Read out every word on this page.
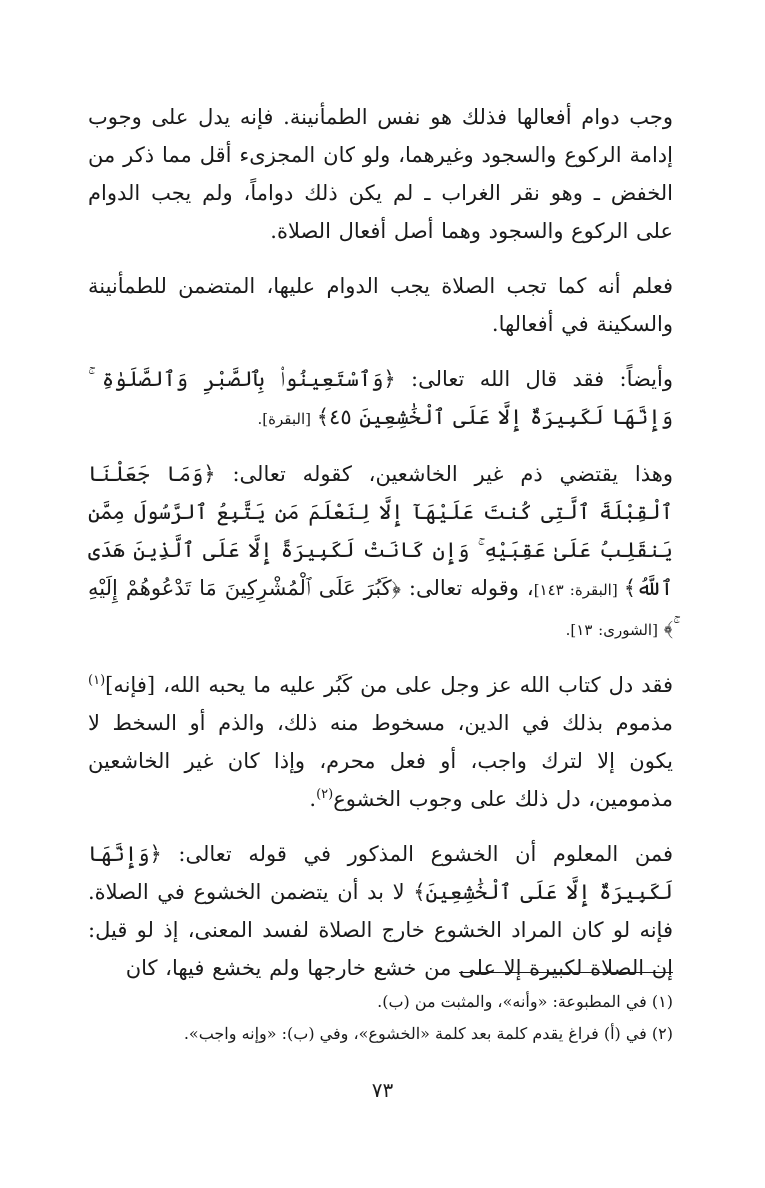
وجب دوام أفعالها فذلك هو نفس الطمأنينة. فإنه يدل على وجوب إدامة الركوع والسجود وغيرهما، ولو كان المجزىء أقل مما ذكر من الخفض ـ وهو نقر الغراب ـ لم يكن ذلك دواماً، ولم يجب الدوام على الركوع والسجود وهما أصل أفعال الصلاة.

فعلم أنه كما تجب الصلاة يجب الدوام عليها، المتضمن للطمأنينة والسكينة في أفعالها.

وأيضاً: فقد قال الله تعالى: ﴿وَٱسْتَعِينُوا۟ بِٱلصَّبْرِ وَٱلصَّلَوٰةِ ۚ وَإِنَّهَا لَكَبِيرَةٌ إِلَّا عَلَى ٱلْخَٰشِعِينَ ٤٥﴾ [البقرة].

وهذا يقتضي ذم غير الخاشعين، كقوله تعالى: ﴿وَمَا جَعَلْنَا ٱلْقِبْلَةَ ٱلَّتِى كُنتَ عَلَيْهَآ إِلَّا لِنَعْلَمَ مَن يَتَّبِعُ ٱلرَّسُولَ مِمَّن يَنقَلِبُ عَلَىٰ عَقِبَيْهِ ۚ وَإِن كَانَتْ لَكَبِيرَةً إِلَّا عَلَى ٱلَّذِينَ هَدَى ٱللَّهُ﴾ [البقرة: ١٤٣]، وقوله تعالى: ﴿كَبُرَ عَلَى ٱلْمُشْرِكِينَ مَا تَدْعُوهُمْ إِلَيْهِ ۚ﴾ [الشورى: ١٣].

فقد دل كتاب الله عز وجل على من كَبُر عليه ما يحبه الله، [فإنه]$^{(١)}$ مذموم بذلك في الدين، مسخوط منه ذلك، والذم أو السخط لا يكون إلا لترك واجب، أو فعل محرم، وإذا كان غير الخاشعين مذمومين، دل ذلك على وجوب الخشوع$^{(٢)}$.

فمن المعلوم أن الخشوع المذكور في قوله تعالى: ﴿وَإِنَّهَا لَكَبِيرَةٌ إِلَّا عَلَى ٱلْخَٰشِعِينَ﴾ لا بد أن يتضمن الخشوع في الصلاة. فإنه لو كان المراد الخشوع خارج الصلاة لفسد المعنى، إذ لو قيل: إن الصلاة لكبيرة إلا على من خشع خارجها ولم يخشع فيها، كان

(١) في المطبوعة: «وأنه»، والمثبت من (ب).
(٢) في (أ) فراغ يقدم كلمة بعد كلمة «الخشوع»، وفي (ب): «وإنه واجب».
٧٣
